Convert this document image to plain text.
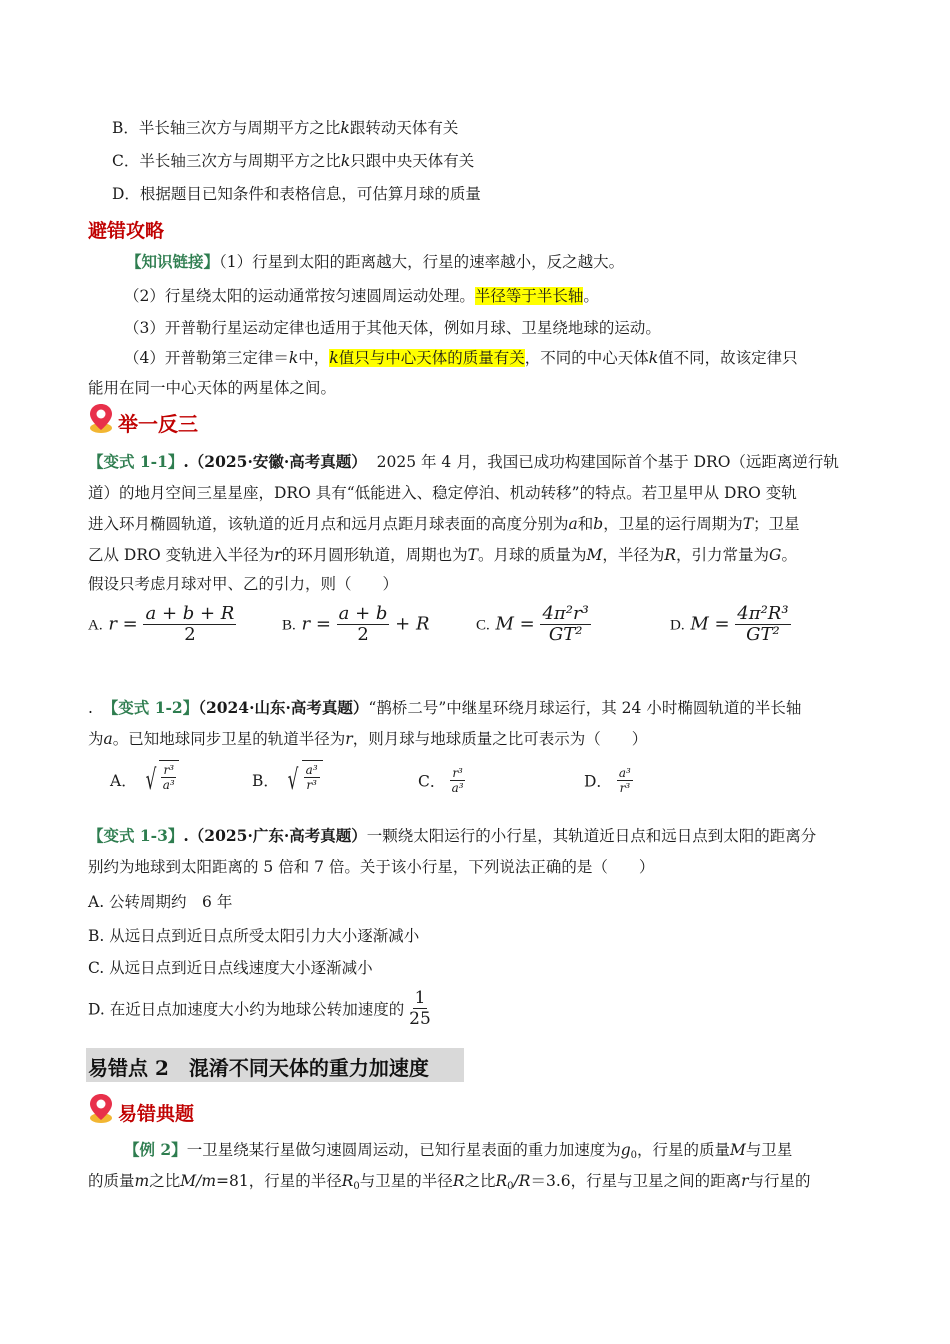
B．半长轴三次方与周期平方之比k跟转动天体有关
C．半长轴三次方与周期平方之比k只跟中央天体有关
D．根据题目已知条件和表格信息，可估算月球的质量
避错攻略
【知识链接】（1）行星到太阳的距离越大，行星的速率越小，反之越大。
（2）行星绕太阳的运动通常按匀速圆周运动处理。半径等于半长轴。
（3）开普勒行星运动定律也适用于其他天体，例如月球、卫星绕地球的运动。
（4）开普勒第三定律＝k中，k值只与中心天体的质量有关，不同的中心天体k值不同，故该定律只
能用在同一中心天体的两星体之间。
举一反三
【变式 1-1】.（2025·安徽·高考真题） 2025 年 4 月，我国已成功构建国际首个基于 DRO（远距离逆行轨
道）的地月空间三星星座，DRO 具有“低能进入、稳定停泊、机动转移”的特点。若卫星甲从 DRO 变轨
进入环月椭圆轨道，该轨道的近月点和远月点距月球表面的高度分别为a和b，卫星的运行周期为T；卫星
乙从 DRO 变轨进入半径为r的环月圆形轨道，周期也为T。月球的质量为M，半径为R，引力常量为G。
假设只考虑月球对甲、乙的引力，则（　　）
A. $r = \frac{a + b + R}{2}$	B. $r = \frac{a + b}{2} + R$	C. $M = \frac{\text{4π²r³}}{\text{GT²}}$	D. $M = \frac{\text{4π²R³}}{\text{GT²}}$
. 【变式 1-2】（2024·山东·高考真题）“鹊桥二号”中继星环绕月球运行，其 24 小时椭圆轨道的半长轴
为a。已知地球同步卫星的轨道半径为r，则月球与地球质量之比可表示为（　　）
A． √ $\frac{\text{r³}}{\text{a³}}$	B． √ $\frac{\text{a³}}{\text{r³}}$	C． $\frac{\text{r³}}{\text{a³}}$	D． $\frac{\text{a³}}{\text{r³}}$
【变式 1-3】.（2025·广东·高考真题）一颗绕太阳运行的小行星，其轨道近日点和远日点到太阳的距离分
别约为地球到太阳距离的 5 倍和 7 倍。关于该小行星，下列说法正确的是（　　）
A. 公转周期约　6 年
B. 从远日点到近日点所受太阳引力大小逐渐减小
C. 从远日点到近日点线速度大小逐渐减小
D. 在近日点加速度大小约为地球公转加速度的 $\frac{1}{25}$
易错点 2　混淆不同天体的重力加速度
易错典题
【例 2】一卫星绕某行星做匀速圆周运动，已知行星表面的重力加速度为$g_0$，行星的质量M与卫星
的质量m之比M/m=81，行星的半径$R_0$与卫星的半径R之比$R_0/R=3.6$，行星与卫星之间的距离r与行星的
